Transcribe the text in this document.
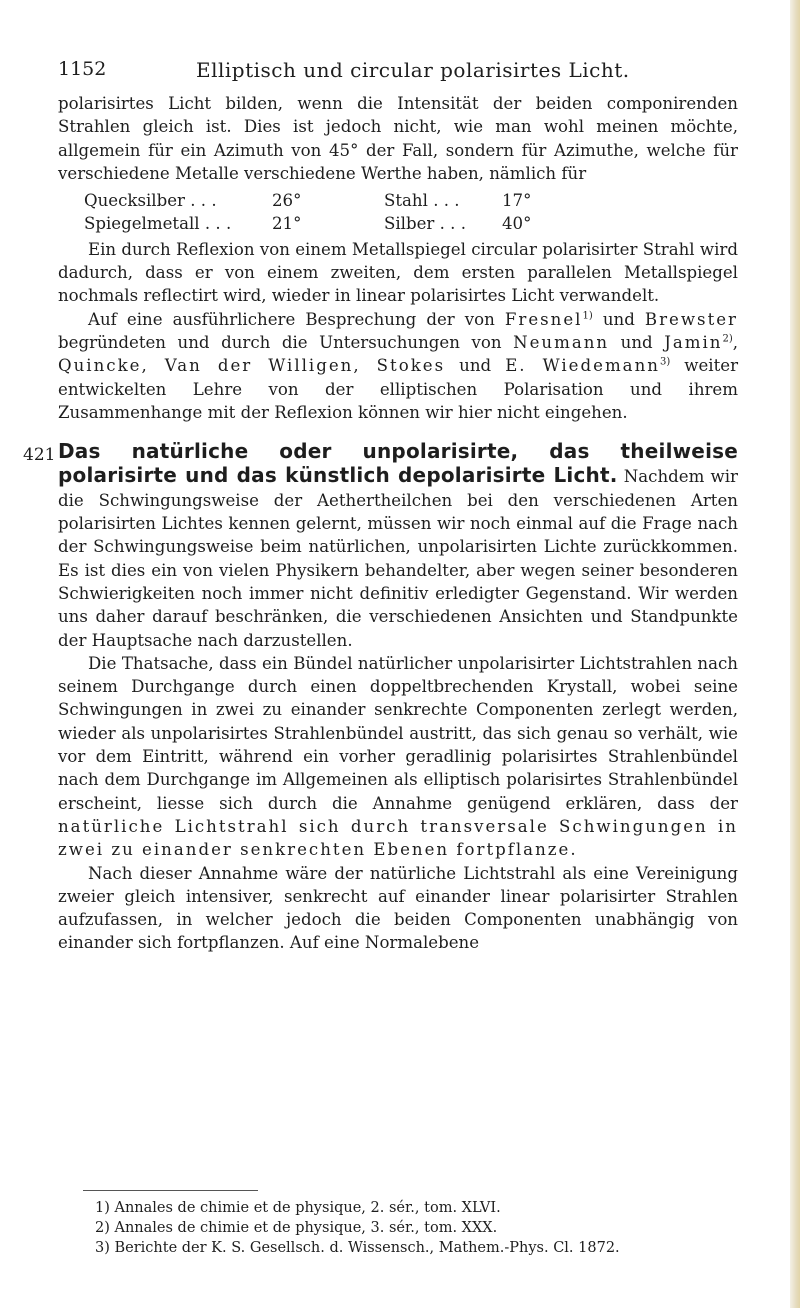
1152	Elliptisch und circular polarisirtes Licht.

polarisirtes Licht bilden, wenn die Intensität der beiden componirenden Strahlen gleich ist. Dies ist jedoch nicht, wie man wohl meinen möchte, allgemein für ein Azimuth von 45° der Fall, sondern für Azimuthe, welche für verschiedene Metalle verschiedene Werthe haben, nämlich für

Quecksilber . . .	26°	Stahl . . .	17°
Spiegelmetall . . . 21°	Silber . . . 40°

Ein durch Reflexion von einem Metallspiegel circular polarisirter Strahl wird dadurch, dass er von einem zweiten, dem ersten parallelen Metallspiegel nochmals reflectirt wird, wieder in linear polarisirtes Licht verwandelt.

Auf eine ausführlichere Besprechung der von Fresnel$^{1)}$ und Brewster begründeten und durch die Untersuchungen von Neumann und Jamin$^{2)}$, Quincke, Van der Willigen, Stokes und E. Wiedemann$^{3)}$ weiter entwickelten Lehre von der elliptischen Polarisation und ihrem Zusammenhange mit der Reflexion können wir hier nicht eingehen.

421 Das natürliche oder unpolarisirte, das theilweise polarisirte und das künstlich depolarisirte Licht. Nachdem wir die Schwingungsweise der Aethertheilchen bei den verschiedenen Arten polarisirten Lichtes kennen gelernt, müssen wir noch einmal auf die Frage nach der Schwingungsweise beim natürlichen, unpolarisirten Lichte zurückkommen. Es ist dies ein von vielen Physikern behandelter, aber wegen seiner besonderen Schwierigkeiten noch immer nicht definitiv erledigter Gegenstand. Wir werden uns daher darauf beschränken, die verschiedenen Ansichten und Standpunkte der Hauptsache nach darzustellen.

Die Thatsache, dass ein Bündel natürlicher unpolarisirter Lichtstrahlen nach seinem Durchgange durch einen doppeltbrechenden Krystall, wobei seine Schwingungen in zwei zu einander senkrechte Componenten zerlegt werden, wieder als unpolarisirtes Strahlenbündel austritt, das sich genau so verhält, wie vor dem Eintritt, während ein vorher geradlinig polarisirtes Strahlenbündel nach dem Durchgange im Allgemeinen als elliptisch polarisirtes Strahlenbündel erscheint, liesse sich durch die Annahme genügend erklären, dass der natürliche Lichtstrahl sich durch transversale Schwingungen in zwei zu einander senkrechten Ebenen fortpflanze.

Nach dieser Annahme wäre der natürliche Lichtstrahl als eine Vereinigung zweier gleich intensiver, senkrecht auf einander linear polarisirter Strahlen aufzufassen, in welcher jedoch die beiden Componenten unabhängig von einander sich fortpflanzen. Auf eine Normalebene

1) Annales de chimie et de physique, 2. sér., tom. XLVI.
2) Annales de chimie et de physique, 3. sér., tom. XXX.
3) Berichte der K. S. Gesellsch. d. Wissensch., Mathem.-Phys. Cl. 1872.
